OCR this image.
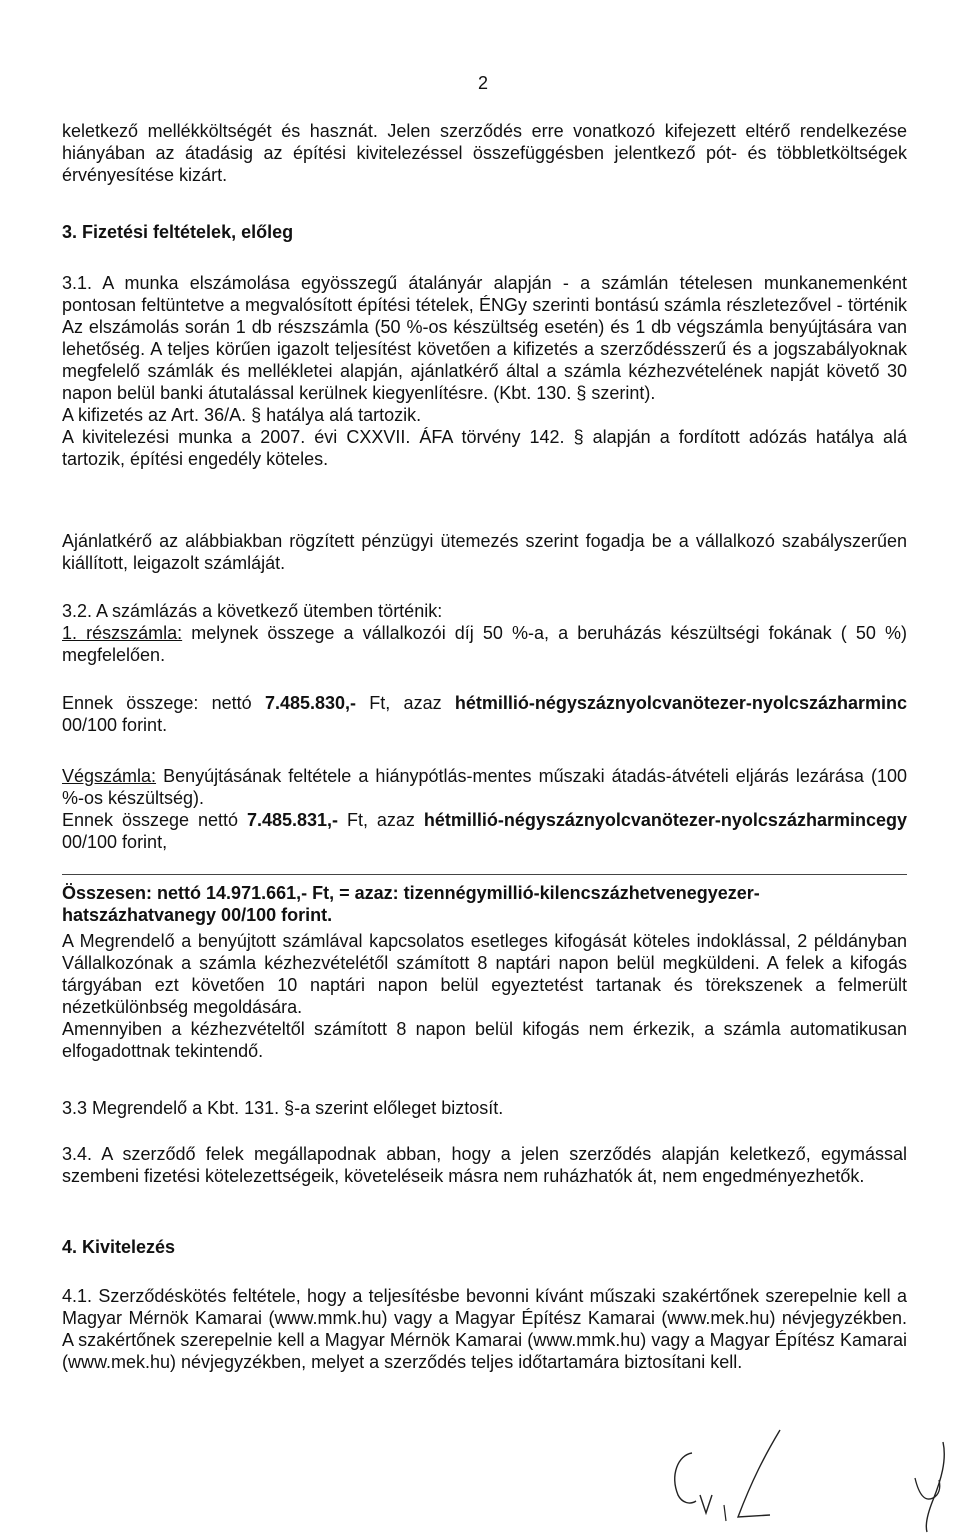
2

keletkező mellékköltségét és hasznát. Jelen szerződés erre vonatkozó kifejezett eltérő rendelkezése hiányában az átadásig az építési kivitelezéssel összefüggésben jelentkező pót- és többletköltségek érvényesítése kizárt.

3. Fizetési feltételek, előleg

3.1. A munka elszámolása egyösszegű átalányár alapján - a számlán tételesen munkanemenként pontosan feltüntetve a megvalósított építési tételek, ÉNGy szerinti bontású számla részletezővel - történik Az elszámolás során 1 db részszámla (50 %-os készültség esetén) és 1 db végszámla benyújtására van lehetőség. A teljes körűen igazolt teljesítést követően a kifizetés a szerződésszerű és a jogszabályoknak megfelelő számlák és mellékletei alapján, ajánlatkérő által a számla kézhezvételének napját követő 30 napon belül banki átutalással kerülnek kiegyenlítésre. (Kbt. 130. § szerint).

A kifizetés az Art. 36/A. § hatálya alá tartozik.

A kivitelezési munka a 2007. évi CXXVII. ÁFA törvény 142. § alapján a fordított adózás hatálya alá tartozik, építési engedély köteles.

Ajánlatkérő az alábbiakban rögzített pénzügyi ütemezés szerint fogadja be a vállalkozó szabályszerűen kiállított, leigazolt számláját.

3.2. A számlázás a következő ütemben történik:

1. részszámla: melynek összege a vállalkozói díj 50 %-a, a beruházás készültségi fokának ( 50 %) megfelelően.

Ennek összege: nettó 7.485.830,- Ft, azaz hétmillió-négyszáznyolcvanötezer-nyolcszázharminc 00/100 forint.

Végszámla: Benyújtásának feltétele a hiánypótlás-mentes műszaki átadás-átvételi eljárás lezárása (100 %-os készültség).

Ennek összege nettó 7.485.831,- Ft, azaz hétmillió-négyszáznyolcvanötezer-nyolcszázharmincegy 00/100 forint,

Összesen: nettó 14.971.661,- Ft, = azaz: tizennégymillió-kilencszázhetvenegyezer-hatszázhatvanegy 00/100 forint.

A Megrendelő a benyújtott számlával kapcsolatos esetleges kifogását köteles indoklással, 2 példányban Vállalkozónak a számla kézhezvételétől számított 8 naptári napon belül megküldeni. A felek a kifogás tárgyában ezt követően 10 naptári napon belül egyeztetést tartanak és törekszenek a felmerült nézetkülönbség megoldására.

Amennyiben a kézhezvételtől számított 8 napon belül kifogás nem érkezik, a számla automatikusan elfogadottnak tekintendő.

3.3 Megrendelő a Kbt. 131. §-a szerint előleget biztosít.

3.4. A szerződő felek megállapodnak abban, hogy a jelen szerződés alapján keletkező, egymással szembeni fizetési kötelezettségeik, követeléseik másra nem ruházhatók át, nem engedményezhetők.

4. Kivitelezés

4.1. Szerződéskötés feltétele, hogy a teljesítésbe bevonni kívánt műszaki szakértőnek szerepelnie kell a Magyar Mérnök Kamarai (www.mmk.hu) vagy a Magyar Építész Kamarai (www.mek.hu) névjegyzékben. A szakértőnek szerepelnie kell a Magyar Mérnök Kamarai (www.mmk.hu) vagy a Magyar Építész Kamarai (www.mek.hu) névjegyzékben, melyet a szerződés teljes időtartamára biztosítani kell.
